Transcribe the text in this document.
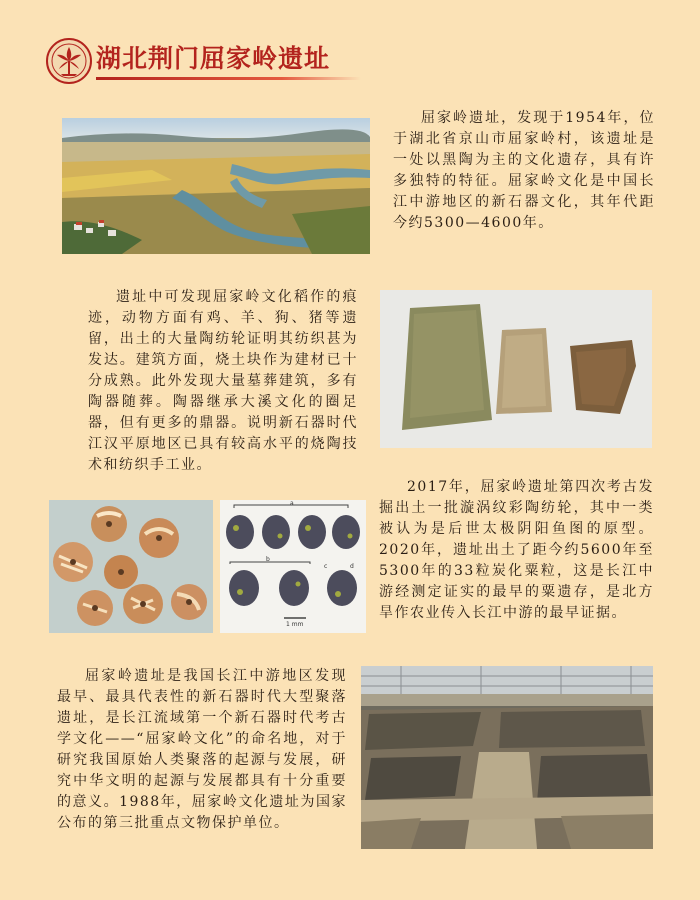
湖北荆门屈家岭遗址

屈家岭遗址，发现于1954年，位于湖北省京山市屈家岭村，该遗址是一处以黑陶为主的文化遗存，具有许多独特的特征。屈家岭文化是中国长江中游地区的新石器文化，其年代距今约5300—4600年。

遗址中可发现屈家岭文化稻作的痕迹，动物方面有鸡、羊、狗、猪等遗留，出土的大量陶纺轮证明其纺织甚为发达。建筑方面，烧土块作为建材已十分成熟。此外发现大量墓葬建筑，多有陶器随葬。陶器继承大溪文化的圈足器，但有更多的鼎器。说明新石器时代江汉平原地区已具有较高水平的烧陶技术和纺织手工业。

a
b
c	d
1 mm

2017年，屈家岭遗址第四次考古发掘出土一批漩涡纹彩陶纺轮，其中一类被认为是后世太极阴阳鱼图的原型。2020年，遗址出土了距今约5600年至5300年的33粒炭化粟粒，这是长江中游经测定证实的最早的粟遗存，是北方旱作农业传入长江中游的最早证据。

屈家岭遗址是我国长江中游地区发现最早、最具代表性的新石器时代大型聚落遗址，是长江流域第一个新石器时代考古学文化——“屈家岭文化”的命名地，对于研究我国原始人类聚落的起源与发展，研究中华文明的起源与发展都具有十分重要的意义。1988年，屈家岭文化遗址为国家公布的第三批重点文物保护单位。
